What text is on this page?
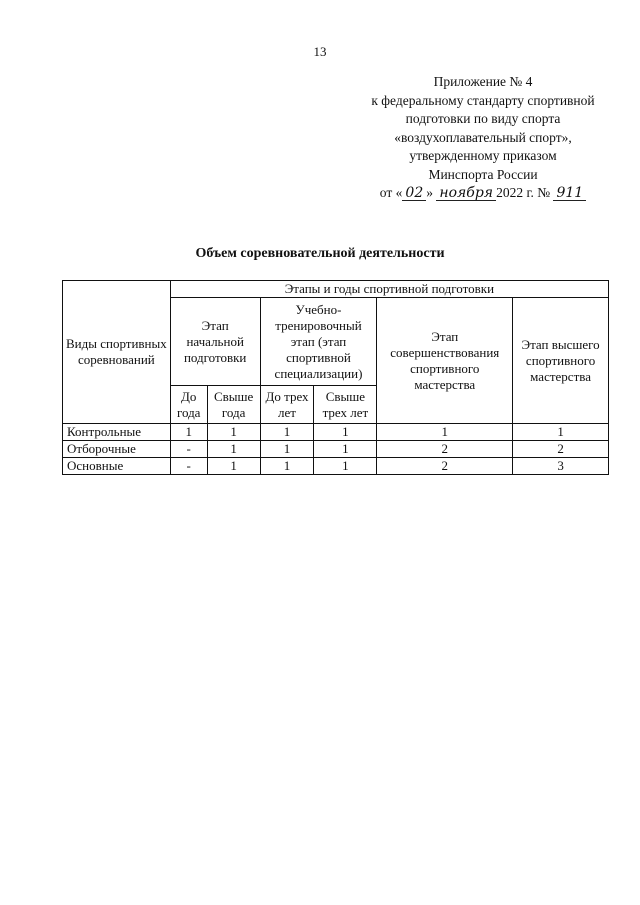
13
Приложение № 4
к федеральному стандарту спортивной
подготовки по виду спорта
«воздухоплавательный спорт»,
утвержденному приказом
Минспорта России
от « 02 » ноября 2022 г. № 911
Объем соревновательной деятельности
Виды спортивных соревнований	Этапы и годы спортивной подготовки					
	Этап начальной подготовки		Учебно-тренировочный этап (этап спортивной специализации)		Этап совершенствования спортивного мастерства	Этап высшего спортивного мастерства
	До года	Свыше года	До трех лет	Свыше трех лет		
Контрольные	1	1	1	1	1	1
Отборочные	-	1	1	1	2	2
Основные	-	1	1	1	2	3
